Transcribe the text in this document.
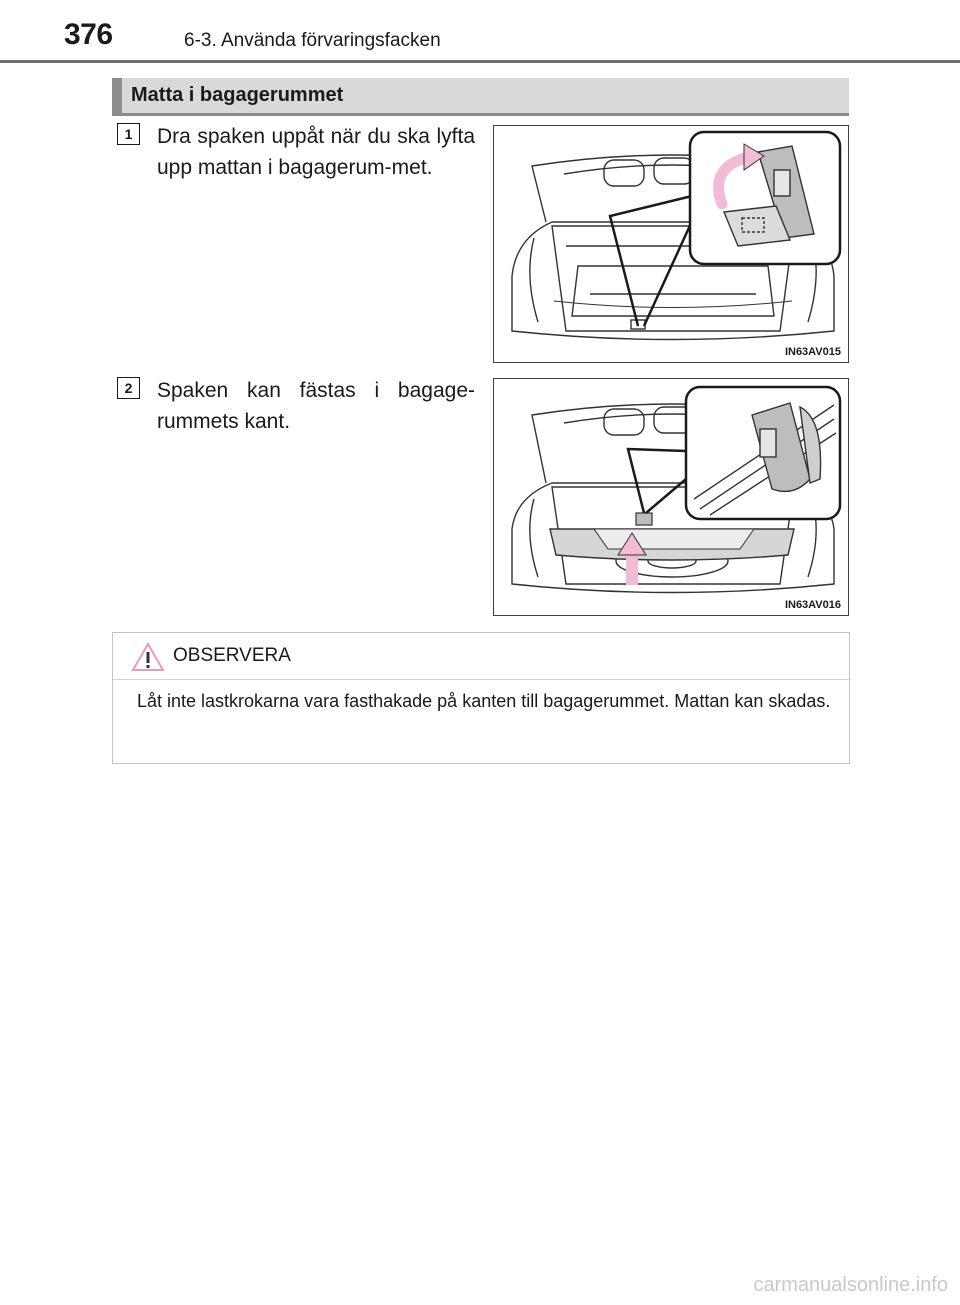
376	6-3. Använda förvaringsfacken
Matta i bagagerummet
1	Dra spaken uppåt när du ska lyfta upp mattan i bagagerum-met.
IN63AV015
2	Spaken kan fästas i bagage-rummets kant.
IN63AV016
OBSERVERA
Låt inte lastkrokarna vara fasthakade på kanten till bagagerummet. Mattan kan skadas.
carmanualsonline.info
